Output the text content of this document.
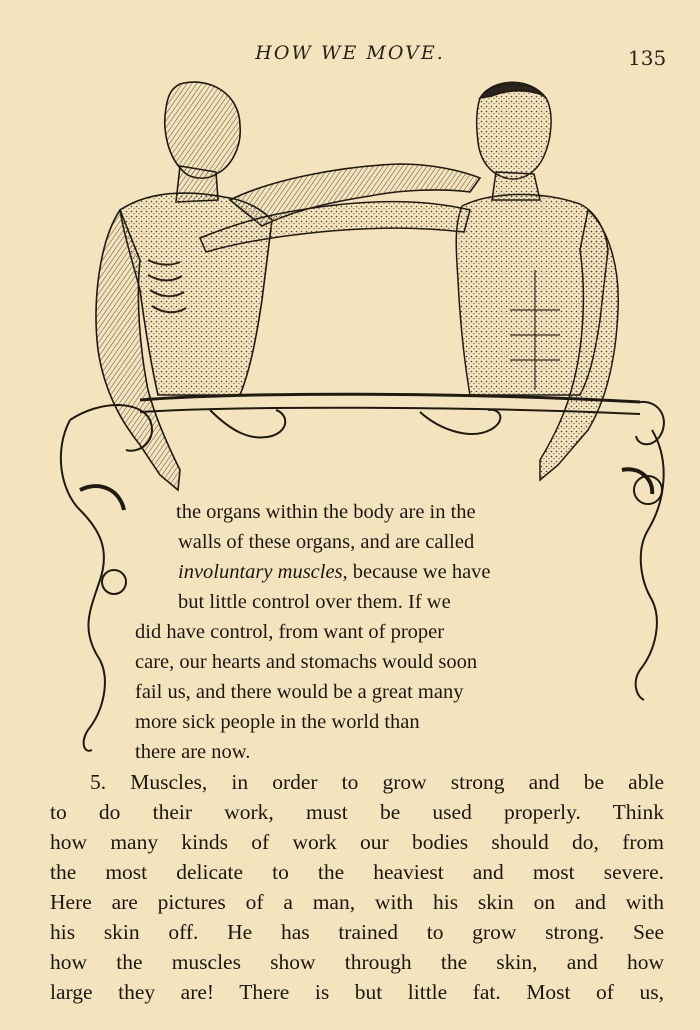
HOW WE MOVE.	135
the organs within the body are in the
walls of these organs, and are called
involuntary muscles, because we have
but little control over them. If we
did have control, from want of proper
care, our hearts and stomachs would soon
fail us, and there would be a great many
more sick people in the world than
there are now.
5. Muscles, in order to grow strong and be able
to do their work, must be used properly. Think
how many kinds of work our bodies should do, from
the most delicate to the heaviest and most severe.
Here are pictures of a man, with his skin on and with
his skin off. He has trained to grow strong. See
how the muscles show through the skin, and how
large they are! There is but little fat. Most of us,
